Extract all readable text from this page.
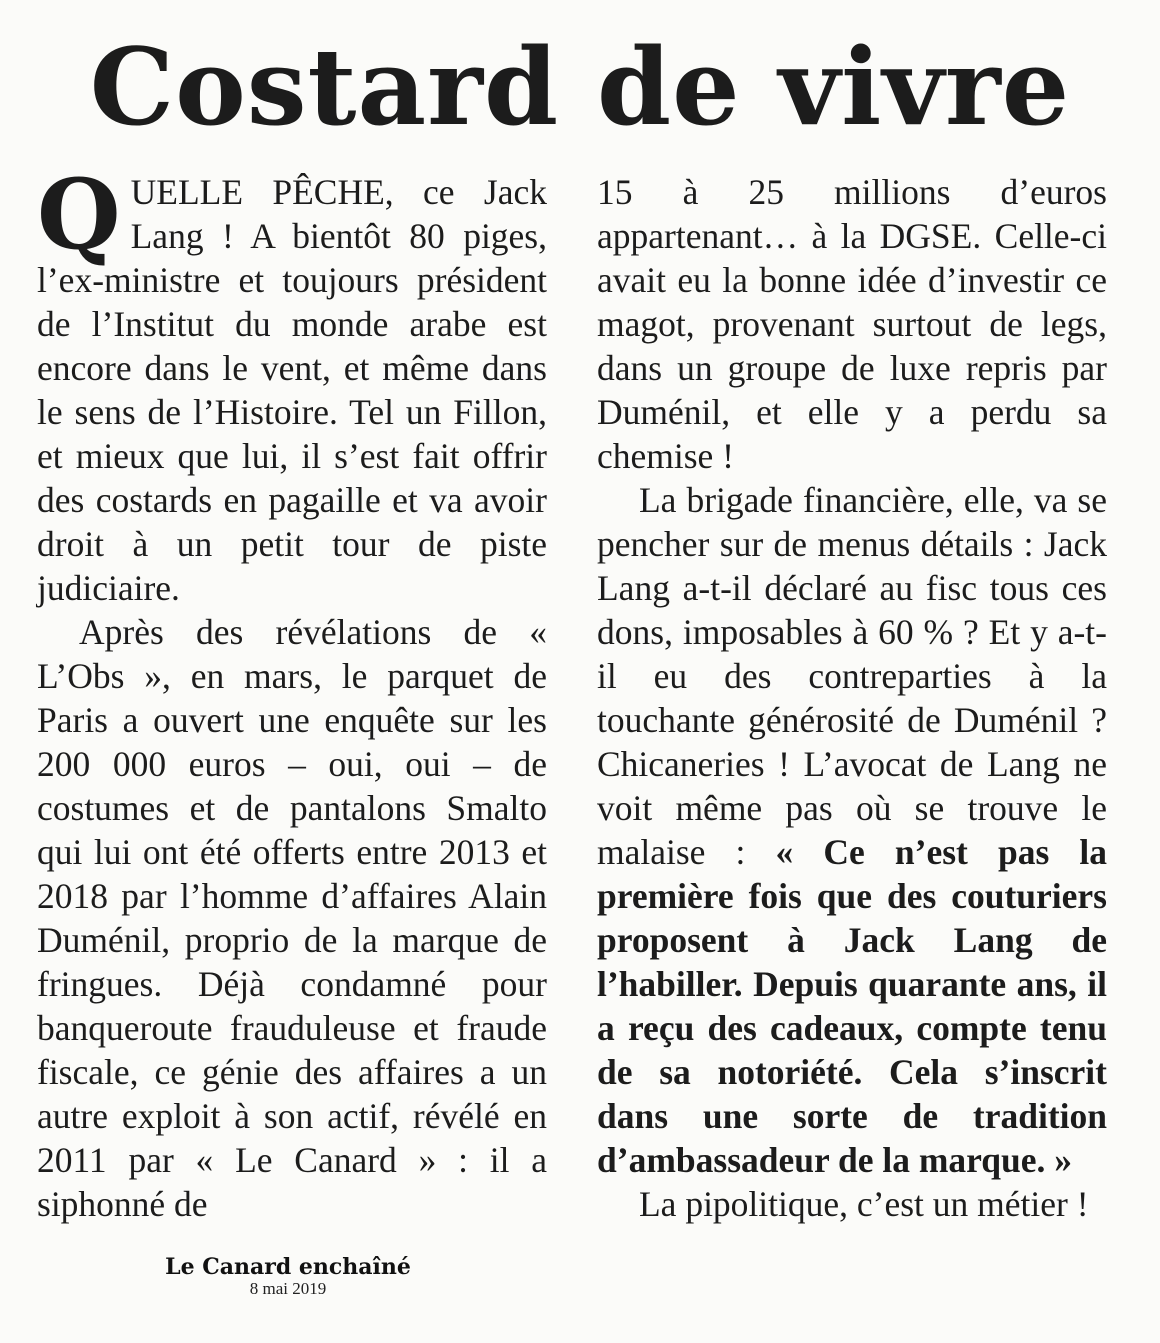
Costard de vivre

QUELLE PÊCHE, ce Jack Lang ! A bientôt 80 piges, l’ex-ministre et toujours président de l’Institut du monde arabe est encore dans le vent, et même dans le sens de l’Histoire. Tel un Fillon, et mieux que lui, il s’est fait offrir des costards en pagaille et va avoir droit à un petit tour de piste judiciaire.

Après des révélations de « L’Obs », en mars, le parquet de Paris a ouvert une enquête sur les 200 000 euros – oui, oui – de costumes et de pantalons Smalto qui lui ont été offerts entre 2013 et 2018 par l’homme d’affaires Alain Duménil, proprio de la marque de fringues. Déjà condamné pour banqueroute frauduleuse et fraude fiscale, ce génie des affaires a un autre exploit à son actif, révélé en 2011 par « Le Canard » : il a siphonné de

15 à 25 millions d’euros appartenant… à la DGSE. Celle-ci avait eu la bonne idée d’investir ce magot, provenant surtout de legs, dans un groupe de luxe repris par Duménil, et elle y a perdu sa chemise !

La brigade financière, elle, va se pencher sur de menus détails : Jack Lang a-t-il déclaré au fisc tous ces dons, imposables à 60 % ? Et y a-t-il eu des contreparties à la touchante générosité de Duménil ? Chicaneries ! L’avocat de Lang ne voit même pas où se trouve le malaise : « Ce n’est pas la première fois que des couturiers proposent à Jack Lang de l’habiller. Depuis quarante ans, il a reçu des cadeaux, compte tenu de sa notoriété. Cela s’inscrit dans une sorte de tradition d’ambassadeur de la marque. »

La pipolitique, c’est un métier !

Le Canard enchaîné
8 mai 2019
